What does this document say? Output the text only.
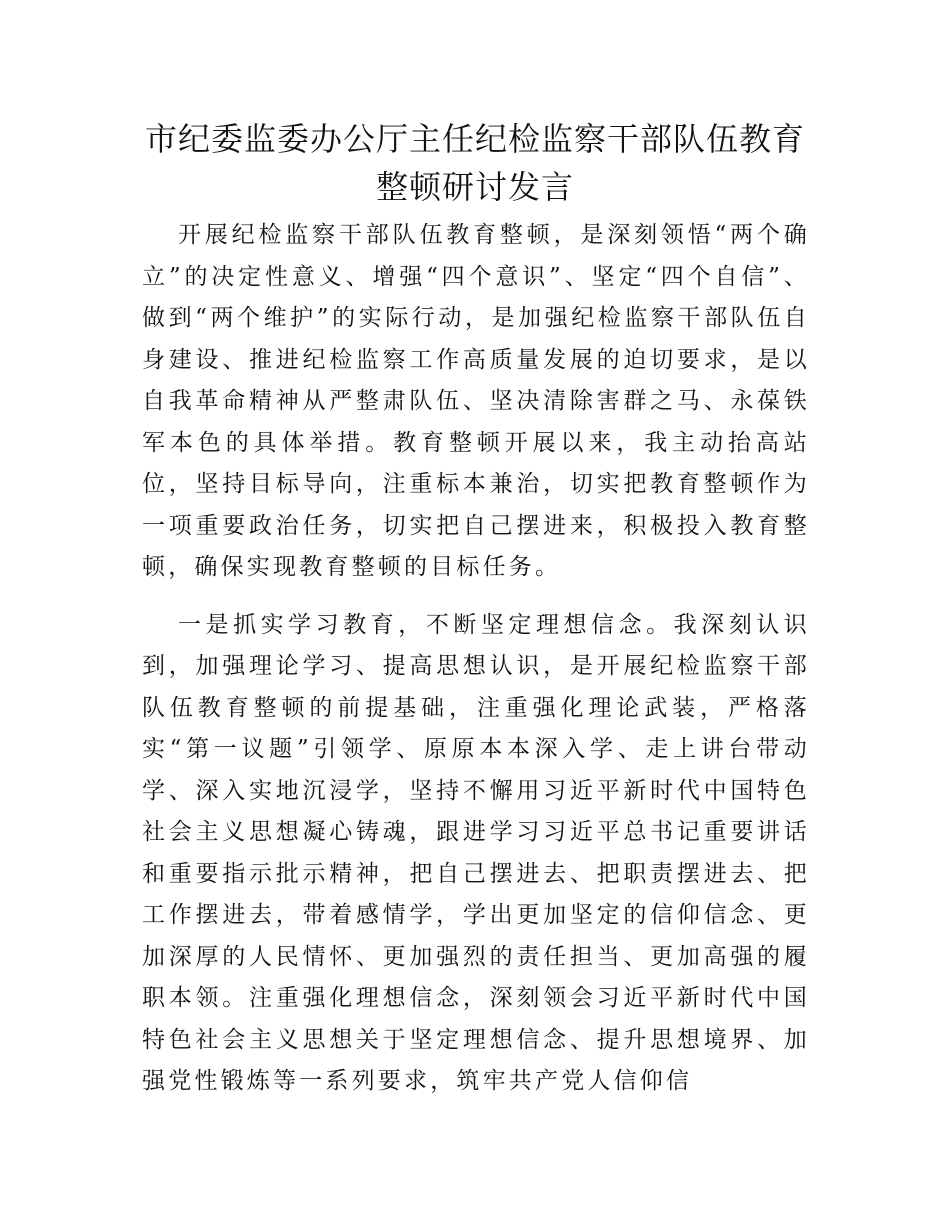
市纪委监委办公厅主任纪检监察干部队伍教育
整顿研讨发言

开展纪检监察干部队伍教育整顿，是深刻领悟“两个确立”的决定性意义、增强“四个意识”、坚定“四个自信”、做到“两个维护”的实际行动，是加强纪检监察干部队伍自身建设、推进纪检监察工作高质量发展的迫切要求，是以自我革命精神从严整肃队伍、坚决清除害群之马、永葆铁军本色的具体举措。教育整顿开展以来，我主动抬高站位，坚持目标导向，注重标本兼治，切实把教育整顿作为一项重要政治任务，切实把自己摆进来，积极投入教育整顿，确保实现教育整顿的目标任务。

一是抓实学习教育，不断坚定理想信念。我深刻认识到，加强理论学习、提高思想认识，是开展纪检监察干部队伍教育整顿的前提基础，注重强化理论武装，严格落实“第一议题”引领学、原原本本深入学、走上讲台带动学、深入实地沉浸学，坚持不懈用习近平新时代中国特色社会主义思想凝心铸魂，跟进学习习近平总书记重要讲话和重要指示批示精神，把自己摆进去、把职责摆进去、把工作摆进去，带着感情学，学出更加坚定的信仰信念、更加深厚的人民情怀、更加强烈的责任担当、更加高强的履职本领。注重强化理想信念，深刻领会习近平新时代中国特色社会主义思想关于坚定理想信念、提升思想境界、加强党性锻炼等一系列要求，筑牢共产党人信仰信
